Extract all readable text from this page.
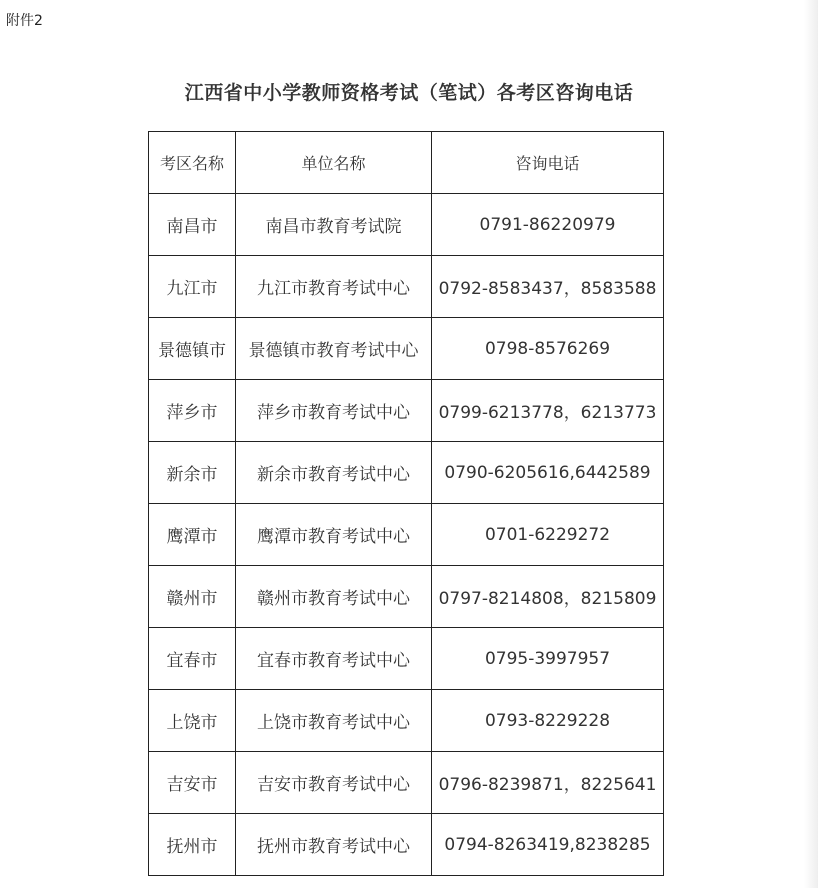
附件2
江西省中小学教师资格考试（笔试）各考区咨询电话
考区名称	单位名称	咨询电话
南昌市	南昌市教育考试院	0791-86220979
九江市	九江市教育考试中心	0792-8583437，8583588
景德镇市	景德镇市教育考试中心	0798-8576269
萍乡市	萍乡市教育考试中心	0799-6213778，6213773
新余市	新余市教育考试中心	0790-6205616,6442589
鹰潭市	鹰潭市教育考试中心	0701-6229272
赣州市	赣州市教育考试中心	0797-8214808，8215809
宜春市	宜春市教育考试中心	0795-3997957
上饶市	上饶市教育考试中心	0793-8229228
吉安市	吉安市教育考试中心	0796-8239871，8225641
抚州市	抚州市教育考试中心	0794-8263419,8238285
